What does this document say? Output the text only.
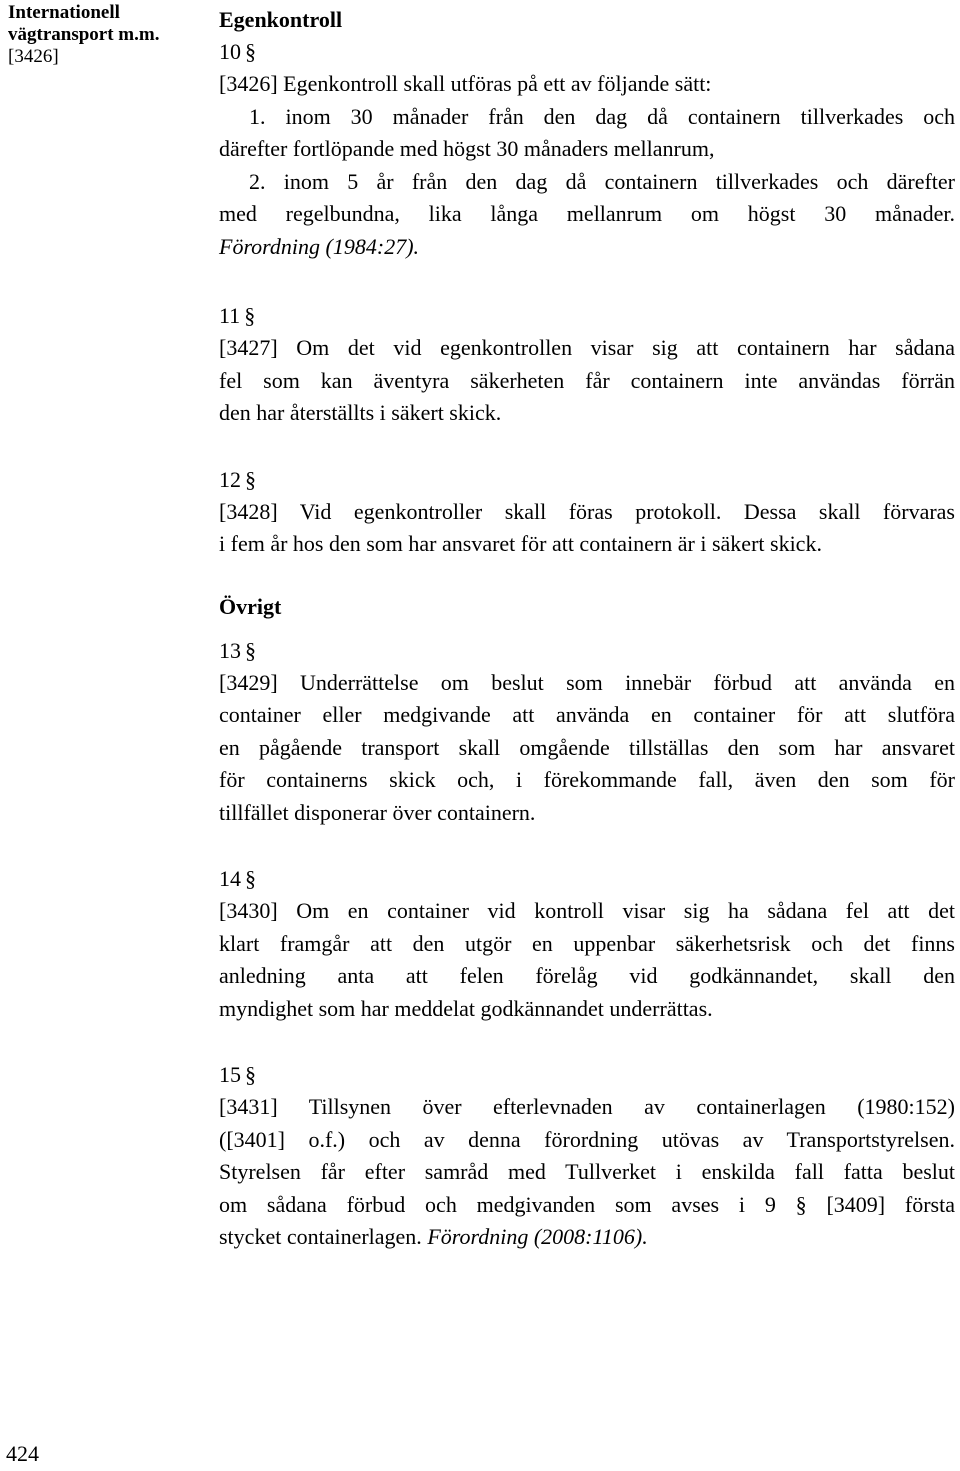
Internationell vägtransport m.m.
[3426]
Egenkontroll
10 §

[3426] Egenkontroll skall utföras på ett av följande sätt:
1. inom 30 månader från den dag då containern tillverkades och
därefter fortlöpande med högst 30 månaders mellanrum,
2. inom 5 år från den dag då containern tillverkades och därefter
med regelbundna, lika långa mellanrum om högst 30 månader.
Förordning (1984:27).

11 §

[3427] Om det vid egenkontrollen visar sig att containern har sådana
fel som kan äventyra säkerheten får containern inte användas förrän
den har återställts i säkert skick.

12 §

[3428] Vid egenkontroller skall föras protokoll. Dessa skall förvaras
i fem år hos den som har ansvaret för att containern är i säkert skick.

Övrigt
13 §

[3429] Underrättelse om beslut som innebär förbud att använda en
container eller medgivande att använda en container för att slutföra
en pågående transport skall omgående tillställas den som har ansvaret
för containerns skick och, i förekommande fall, även den som för
tillfället disponerar över containern.

14 §

[3430] Om en container vid kontroll visar sig ha sådana fel att det
klart framgår att den utgör en uppenbar säkerhetsrisk och det finns
anledning anta att felen förelåg vid godkännandet, skall den
myndighet som har meddelat godkännandet underrättas.

15 §

[3431] Tillsynen över efterlevnaden av containerlagen (1980:152)
([3401] o.f.) och av denna förordning utövas av Transportstyrelsen.
Styrelsen får efter samråd med Tullverket i enskilda fall fatta beslut
om sådana förbud och medgivanden som avses i 9 § [3409] första
stycket containerlagen. Förordning (2008:1106).

424
